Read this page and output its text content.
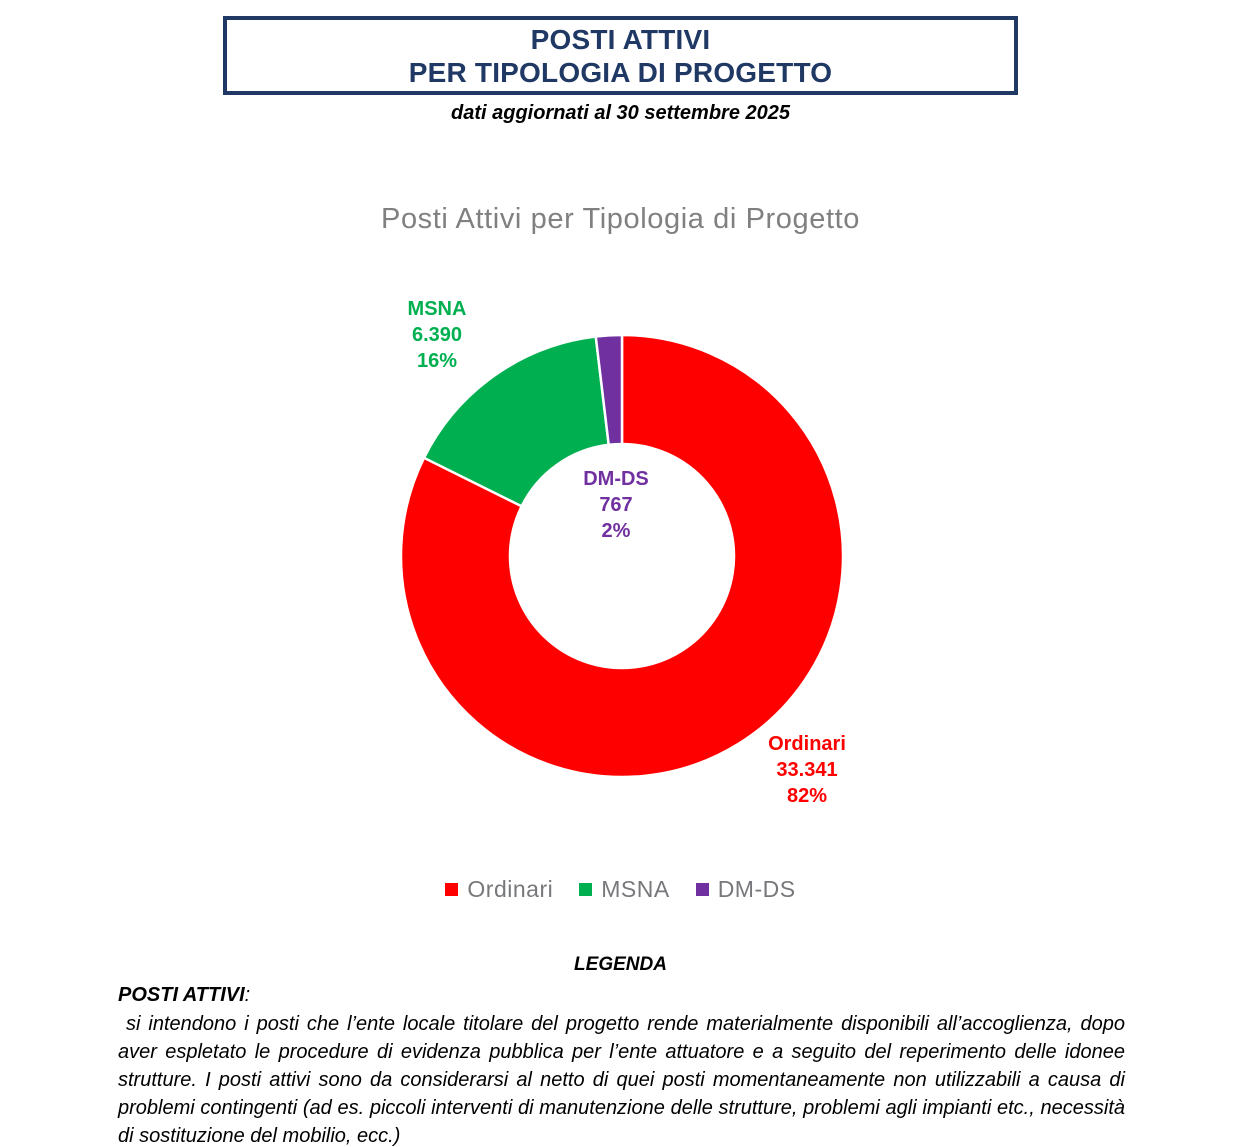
POSTI ATTIVI
PER TIPOLOGIA DI PROGETTO
dati aggiornati al 30 settembre 2025
Posti Attivi per Tipologia di Progetto
MSNA
6.390
16%
DM-DS
767
2%
Ordinari
33.341
82%
Ordinari MSNA DM-DS
LEGENDA
POSTI ATTIVI:
si intendono i posti che l’ente locale titolare del progetto rende materialmente disponibili all’accoglienza, dopo aver espletato le procedure di evidenza pubblica per l’ente attuatore e a seguito del reperimento delle idonee strutture. I posti attivi sono da considerarsi al netto di quei posti momentaneamente non utilizzabili a causa di problemi contingenti (ad es. piccoli interventi di manutenzione delle strutture, problemi agli impianti etc., necessità di sostituzione del mobilio, ecc.)
